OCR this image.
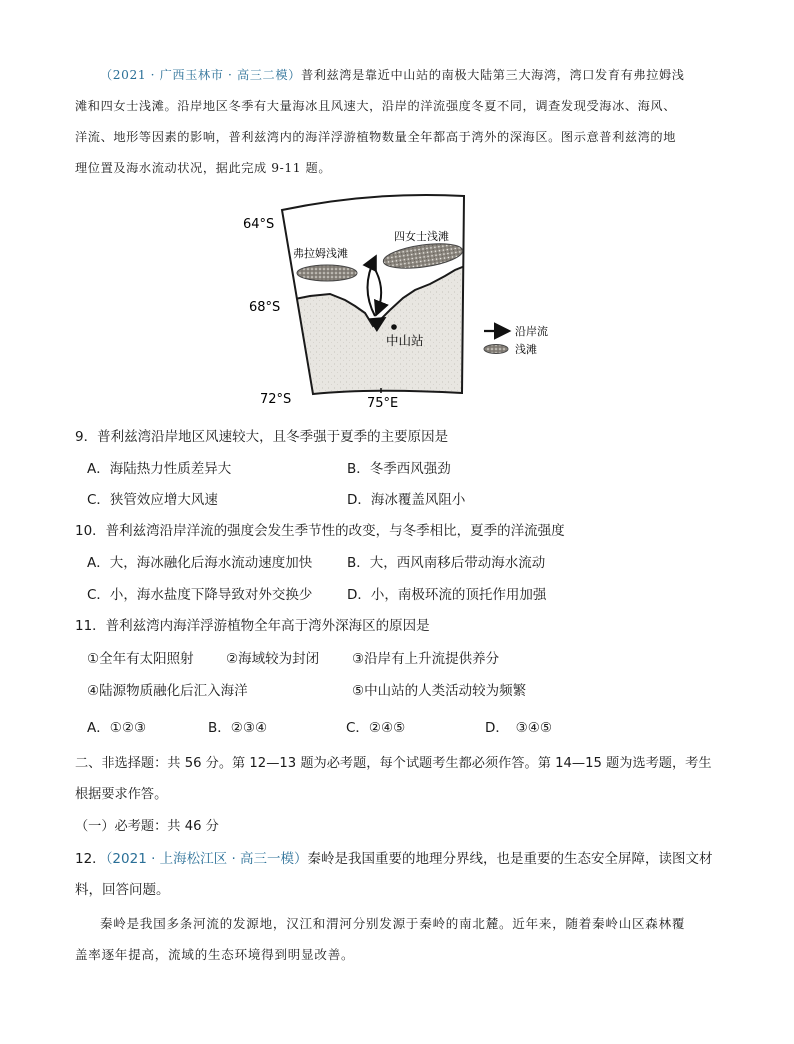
（2021 · 广西玉林市 · 高三二模）普利兹湾是靠近中山站的南极大陆第三大海湾，湾口发育有弗拉姆浅
滩和四女士浅滩。沿岸地区冬季有大量海冰且风速大，沿岸的洋流强度冬夏不同，调查发现受海冰、海风、
洋流、地形等因素的影响，普利兹湾内的海洋浮游植物数量全年都高于湾外的深海区。图示意普利兹湾的地
理位置及海水流动状况，据此完成 9-11 题。
64°S
68°S
72°S	75°E
弗拉姆浅滩
四女士浅滩
中山站
沿岸流
浅滩
9．普利兹湾沿岸地区风速较大，且冬季强于夏季的主要原因是
A．海陆热力性质差异大	B．冬季西风强劲
C．狭管效应增大风速	D．海冰覆盖风阻小
10．普利兹湾沿岸洋流的强度会发生季节性的改变，与冬季相比，夏季的洋流强度
A．大，海冰融化后海水流动速度加快	B．大，西风南移后带动海水流动
C．小，海水盐度下降导致对外交换少	D．小，南极环流的顶托作用加强
11．普利兹湾内海洋浮游植物全年高于湾外深海区的原因是
①全年有太阳照射 ②海域较为封闭 ③沿岸有上升流提供养分
④陆源物质融化后汇入海洋	⑤中山站的人类活动较为频繁
A．①②③	B．②③④	C．②④⑤	D．　③④⑤
二、非选择题：共 56 分。第 12—13 题为必考题，每个试题考生都必须作答。第 14—15 题为选考题，考生
根据要求作答。
（一）必考题：共 46 分
12．（2021 · 上海松江区 · 高三一模）秦岭是我国重要的地理分界线，也是重要的生态安全屏障，读图文材
料，回答问题。
秦岭是我国多条河流的发源地，汉江和渭河分别发源于秦岭的南北麓。近年来，随着秦岭山区森林覆
盖率逐年提高，流域的生态环境得到明显改善。
